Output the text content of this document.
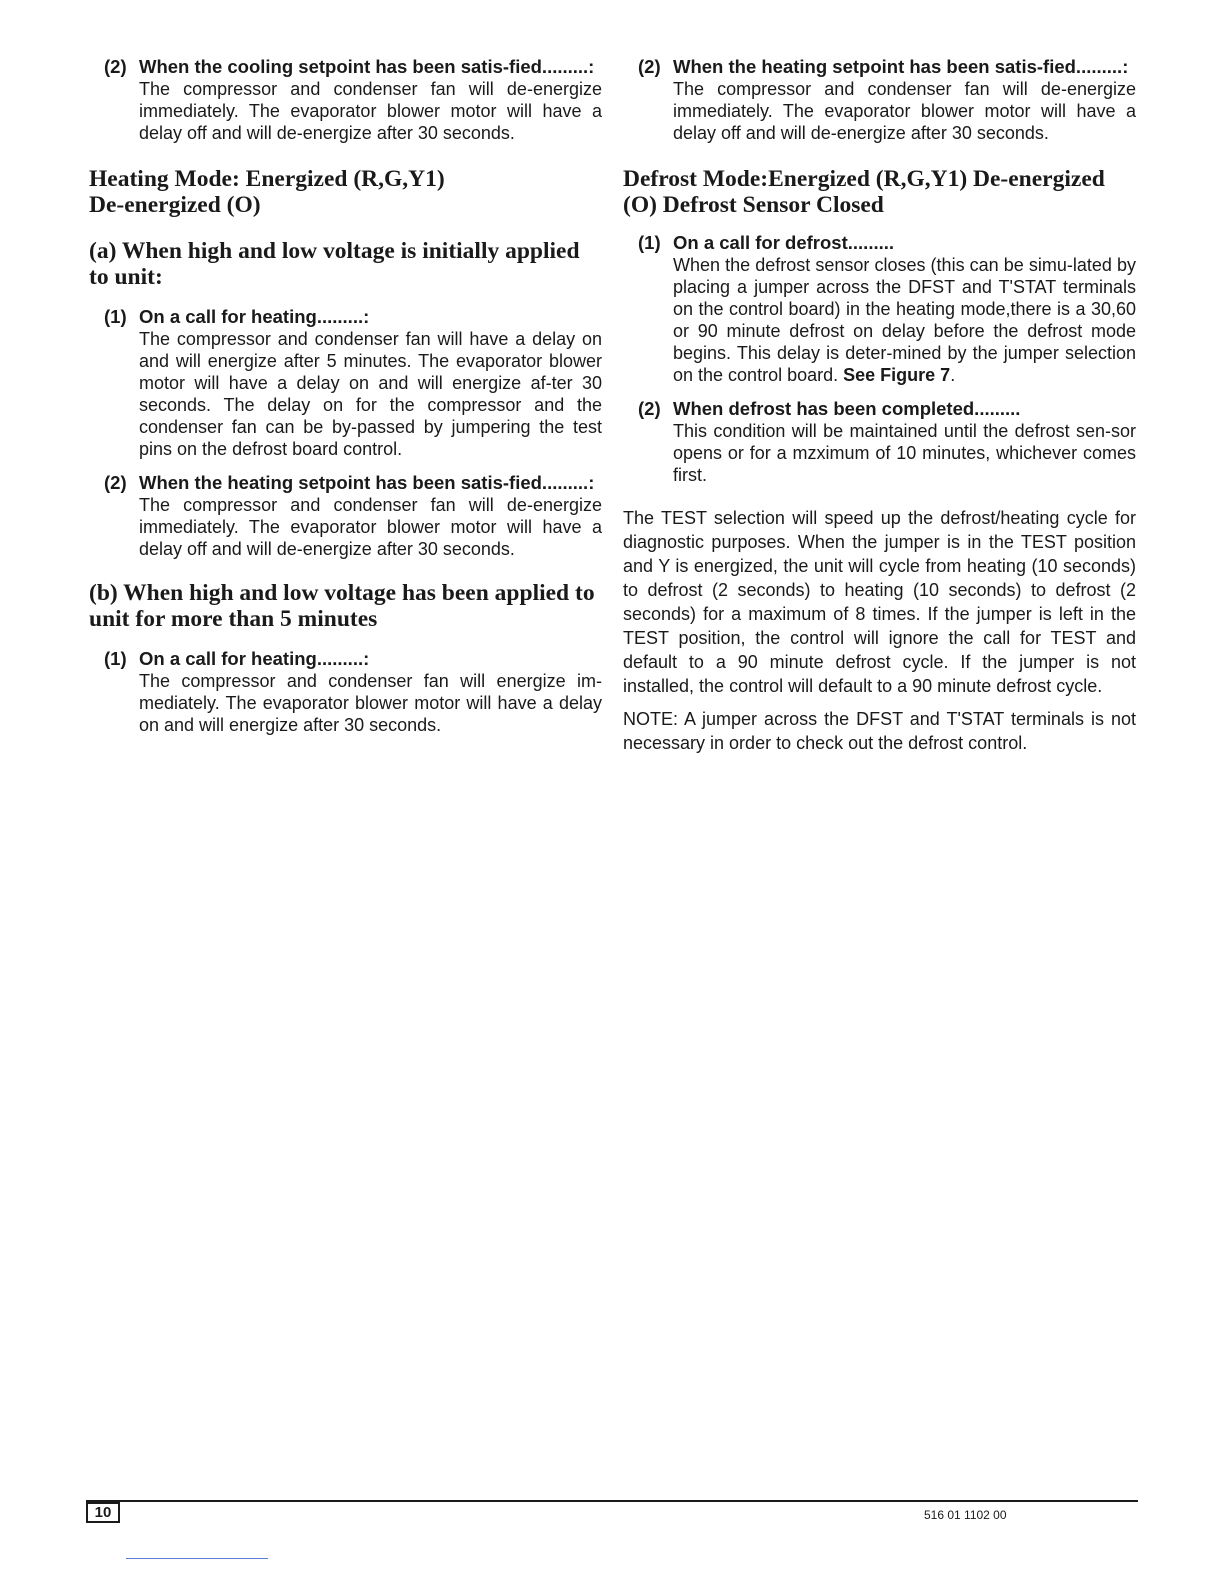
(2) When the cooling setpoint has been satis-fied.........:
The compressor and condenser fan will de-energize immediately. The evaporator blower motor will have a delay off and will de-energize after 30 seconds.
Heating Mode: Energized (R,G,Y1)
De-energized (O)
(a) When high and low voltage is initially applied to unit:
(1) On a call for heating.........:
The compressor and condenser fan will have a delay on and will energize after 5 minutes. The evaporator blower motor will have a delay on and will energize af-ter 30 seconds. The delay on for the compressor and the condenser fan can be by-passed by jumpering the test pins on the defrost board control.
(2) When the heating setpoint has been satis-fied.........:
The compressor and condenser fan will de-energize immediately. The evaporator blower motor will have a delay off and will de-energize after 30 seconds.
(b) When high and low voltage has been applied to unit for more than 5 minutes
(1) On a call for heating.........:
The compressor and condenser fan will energize im-mediately. The evaporator blower motor will have a delay on and will energize after 30 seconds.
(2) When the heating setpoint has been satis-fied.........:
The compressor and condenser fan will de-energize immediately. The evaporator blower motor will have a delay off and will de-energize after 30 seconds.
Defrost Mode:Energized (R,G,Y1) De-energized
(O) Defrost Sensor Closed
(1) On a call for defrost.........
When the defrost sensor closes (this can be simu-lated by placing a jumper across the DFST and T'STAT terminals on the control board) in the heating mode,there is a 30,60 or 90 minute defrost on delay before the defrost mode begins. This delay is deter-mined by the jumper selection on the control board. See Figure 7.
(2) When defrost has been completed.........
This condition will be maintained until the defrost sen-sor opens or for a mzximum of 10 minutes, whichever comes first.
The TEST selection will speed up the defrost/heating cycle for diagnostic purposes. When the jumper is in the TEST position and Y is energized, the unit will cycle from heating (10 seconds) to defrost (2 seconds) to heating (10 seconds) to defrost (2 seconds) for a maximum of 8 times. If the jumper is left in the TEST position, the control will ignore the call for TEST and default to a 90 minute defrost cycle. If the jumper is not installed, the control will default to a 90 minute defrost cycle.
NOTE: A jumper across the DFST and T'STAT terminals is not necessary in order to check out the defrost control.
10	516 01 1102 00
